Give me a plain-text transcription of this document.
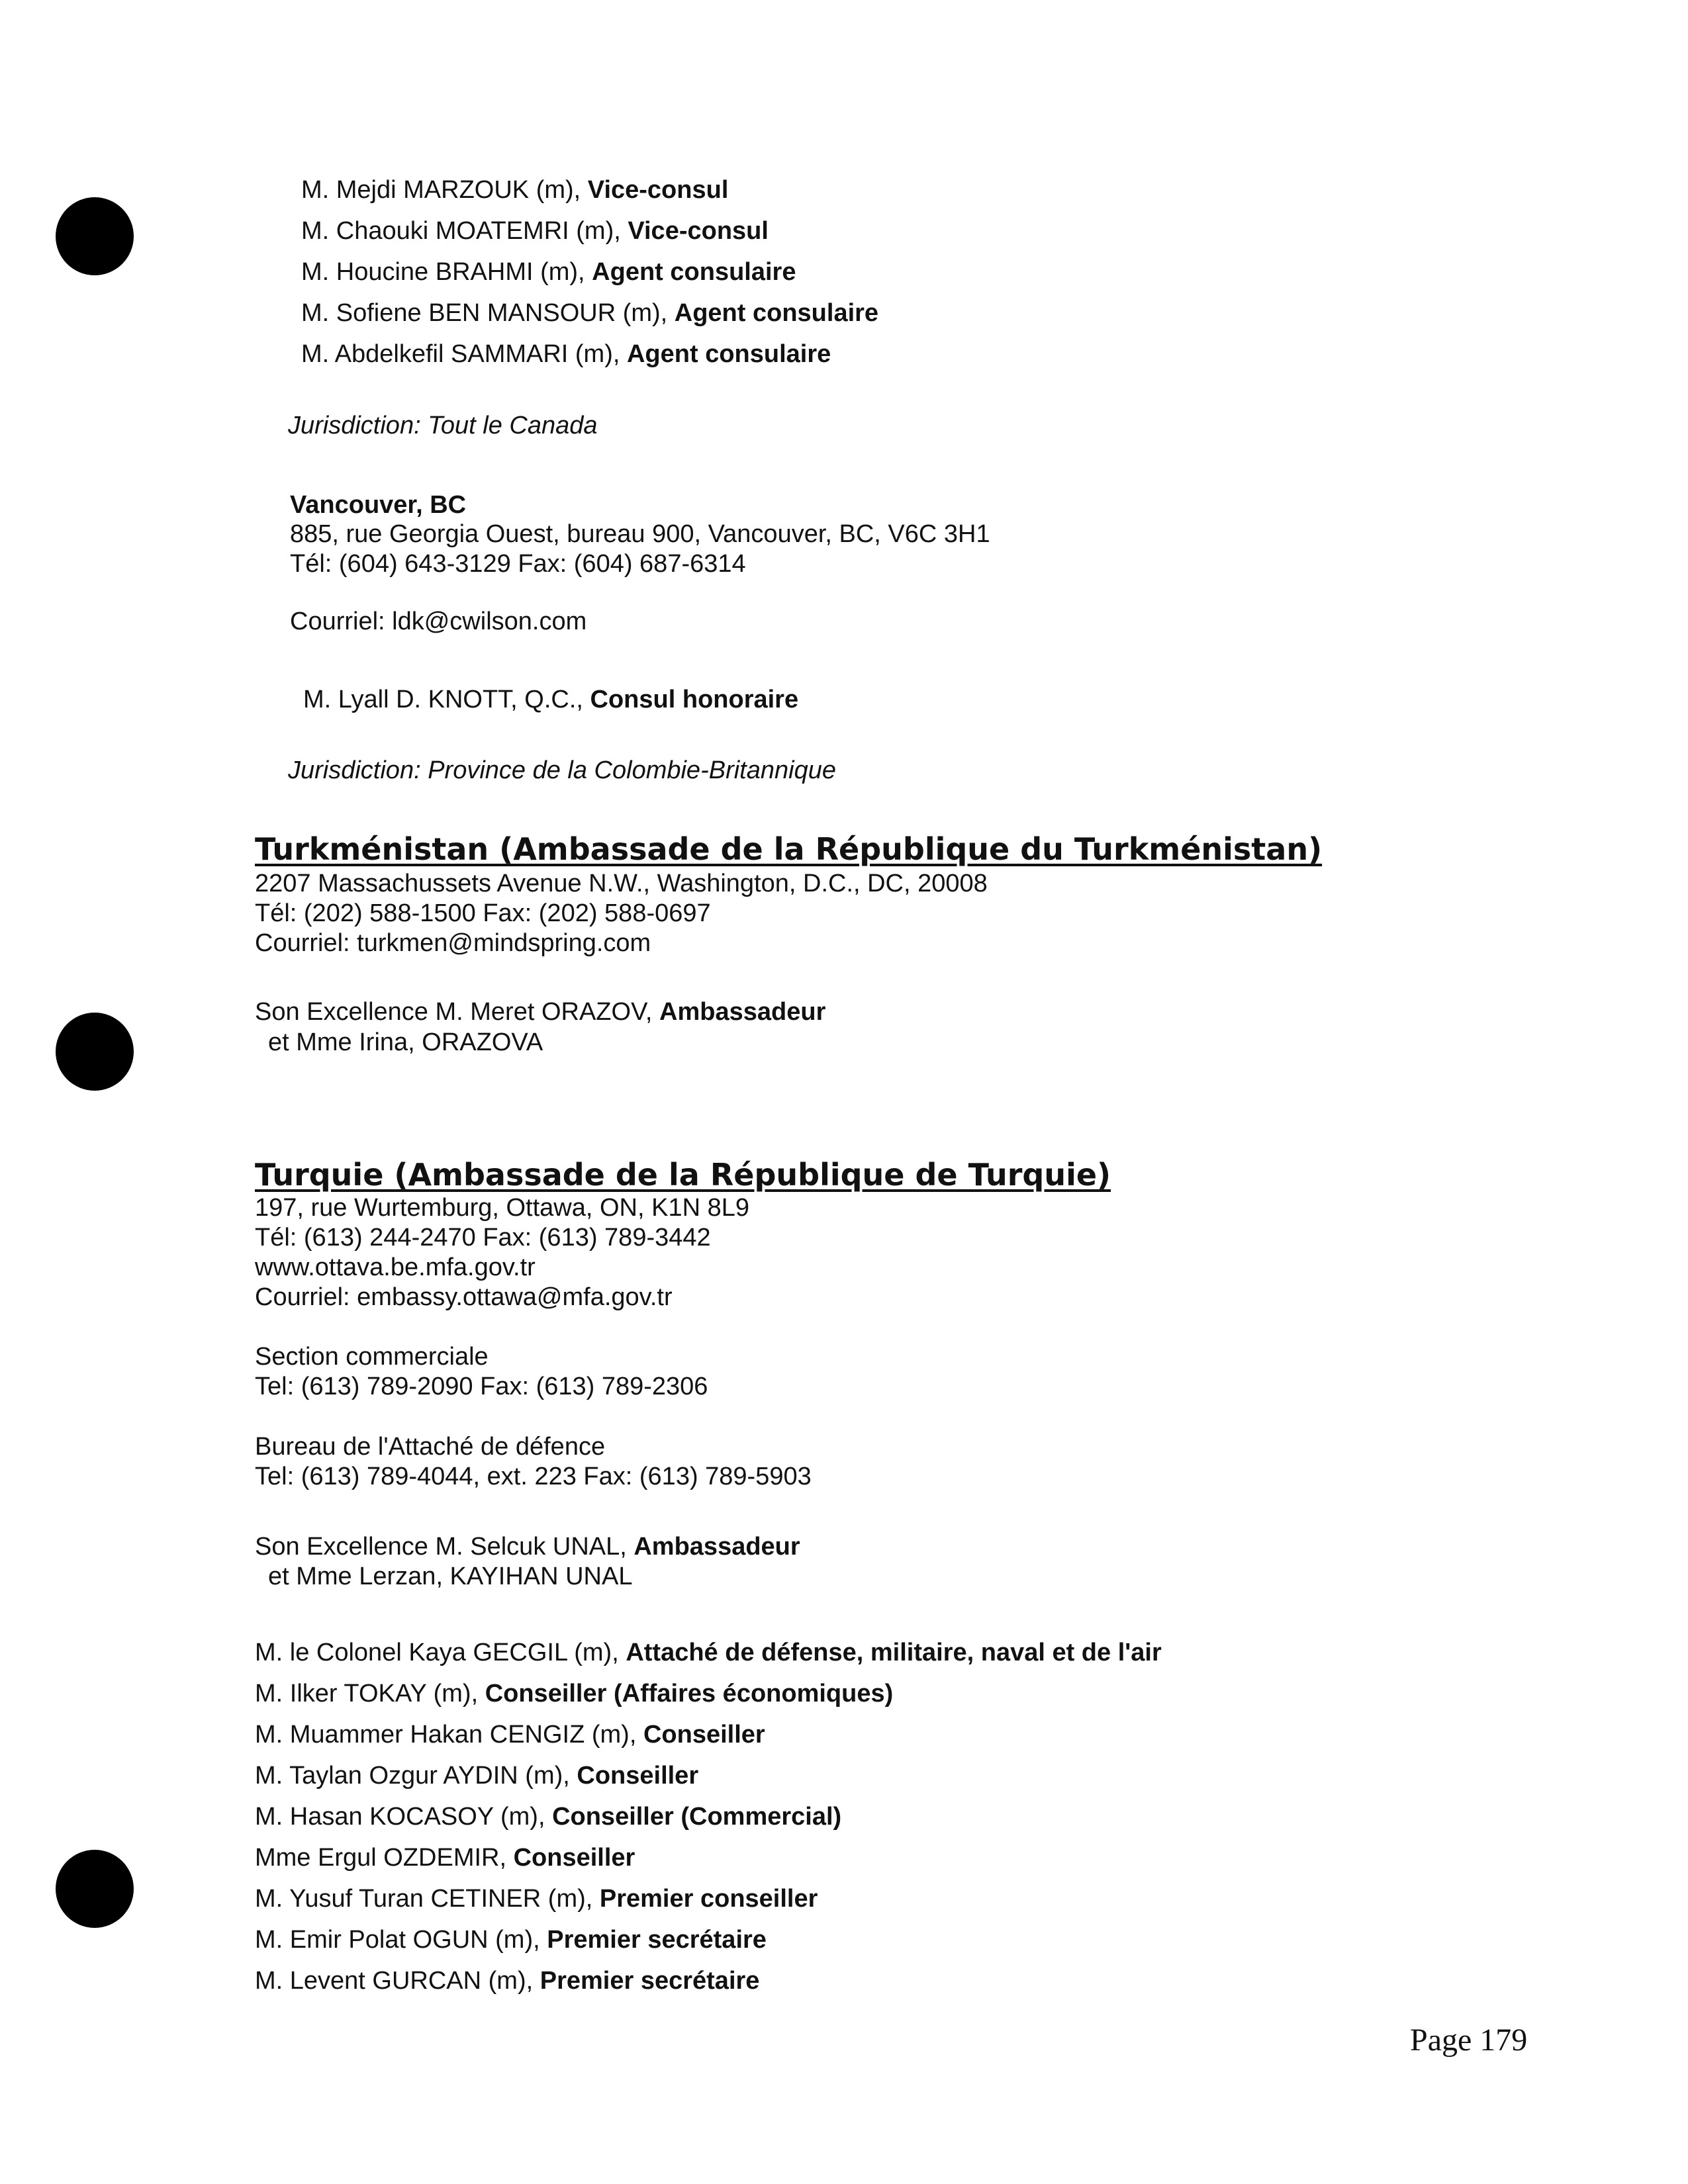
M. Mejdi MARZOUK (m), Vice-consul
M. Chaouki MOATEMRI (m), Vice-consul
M. Houcine BRAHMI (m), Agent consulaire
M. Sofiene BEN MANSOUR (m), Agent consulaire
M. Abdelkefil SAMMARI (m), Agent consulaire
Jurisdiction: Tout le Canada
Vancouver, BC
885, rue Georgia Ouest, bureau 900, Vancouver, BC, V6C 3H1
Tél: (604) 643-3129 Fax: (604) 687-6314
Courriel: ldk@cwilson.com
M. Lyall D. KNOTT, Q.C., Consul honoraire
Jurisdiction: Province de la Colombie-Britannique
Turkménistan (Ambassade de la République du Turkménistan)
2207 Massachussets Avenue N.W., Washington, D.C., DC, 20008
Tél: (202) 588-1500 Fax: (202) 588-0697
Courriel: turkmen@mindspring.com
Son Excellence M. Meret ORAZOV, Ambassadeur
et Mme Irina, ORAZOVA
Turquie (Ambassade de la République de Turquie)
197, rue Wurtemburg, Ottawa, ON, K1N 8L9
Tél: (613) 244-2470 Fax: (613) 789-3442
www.ottava.be.mfa.gov.tr
Courriel: embassy.ottawa@mfa.gov.tr
Section commerciale
Tel: (613) 789-2090 Fax: (613) 789-2306
Bureau de l'Attaché de défence
Tel: (613) 789-4044, ext. 223 Fax: (613) 789-5903
Son Excellence M. Selcuk UNAL, Ambassadeur
et Mme Lerzan, KAYIHAN UNAL
M. le Colonel Kaya GECGIL (m), Attaché de défense, militaire, naval et de l'air
M. Ilker TOKAY (m), Conseiller (Affaires économiques)
M. Muammer Hakan CENGIZ (m), Conseiller
M. Taylan Ozgur AYDIN (m), Conseiller
M. Hasan KOCASOY (m), Conseiller (Commercial)
Mme Ergul OZDEMIR, Conseiller
M. Yusuf Turan CETINER (m), Premier conseiller
M. Emir Polat OGUN (m), Premier secrétaire
M. Levent GURCAN (m), Premier secrétaire
Page 179
